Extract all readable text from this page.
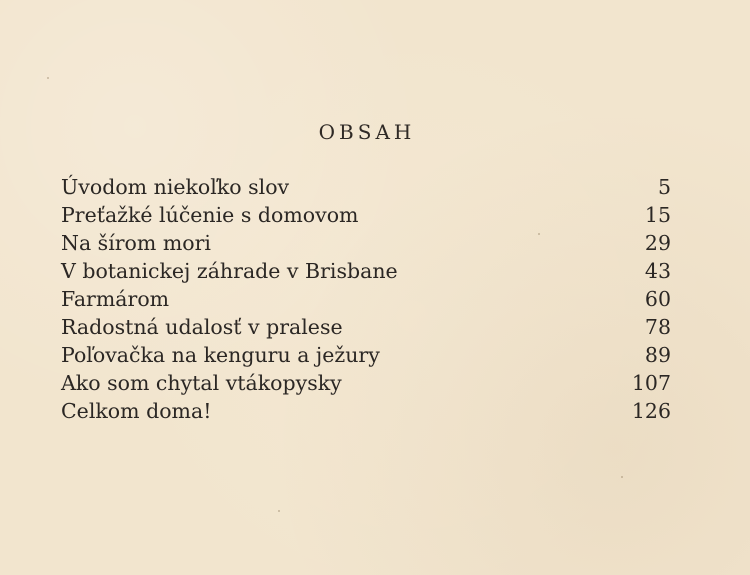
OBSAH
Úvodom niekoľko slov	5
Preťažké lúčenie s domovom	15
Na šírom mori	29
V botanickej záhrade v Brisbane	43
Farmárom	60
Radostná udalosť v pralese	78
Poľovačka na kenguru a ježury	89
Ako som chytal vtákopysky	107
Celkom doma!	126
